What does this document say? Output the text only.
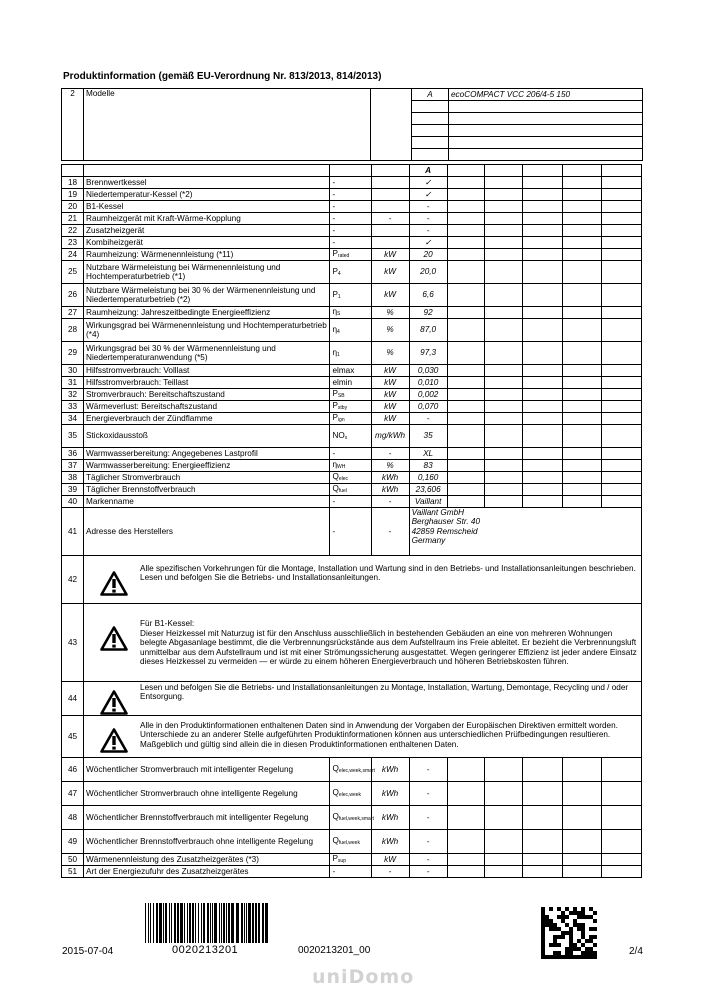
Produktinformation (gemäß EU-Verordnung Nr. 813/2013, 814/2013)
2	Modelle		A	ecoCOMPACT VCC 206/4-5 150

				A					
18	Brennwertkessel	-		✓					
19	Niedertemperatur-Kessel (*2)	-		✓					
20	B1-Kessel	-		-					
21	Raumheizgerät mit Kraft-Wärme-Kopplung	-	-	-					
22	Zusatzheizgerät	-		-					
23	Kombiheizgerät	-		✓					
24	Raumheizung: Wärmenennleistung (*11)	$P_{rated}$	kW	20					
25	Nutzbare Wärmeleistung bei Wärmenennleistung und Hochtemperaturbetrieb (*1)	$P_4$	kW	20,0					
26	Nutzbare Wärmeleistung bei 30 % der Wärmenennleistung und Niedertemperaturbetrieb (*2)	$P_1$	kW	6,6					
27	Raumheizung: Jahreszeitbedingte Energieeffizienz	$\eta_S$	%	92					
28	Wirkungsgrad bei Wärmenennleistung und Hochtemperaturbetrieb (*4)	$\eta_4$	%	87,0					
29	Wirkungsgrad bei 30 % der Wärmenennleistung und Niedertemperaturanwendung (*5)	$\eta_1$	%	97,3					
30	Hilfsstromverbrauch: Volllast	elmax	kW	0,030					
31	Hilfsstromverbrauch: Teillast	elmin	kW	0,010					
32	Stromverbrauch: Bereitschaftszustand	$P_{SB}$	kW	0,002					
33	Wärmeverlust: Bereitschaftszustand	$P_{stby}$	kW	0,070					
34	Energieverbrauch der Zündflamme	$P_{ign}$	kW	-					
35	Stickoxidausstoß	$NO_x$	mg/kWh	35					
36	Warmwasserbereitung: Angegebenes Lastprofil	-	-	XL					
37	Warmwasserbereitung: Energieeffizienz	$\eta_{WH}$	%	83					
38	Täglicher Stromverbrauch	$Q_{elec}$	kWh	0,160					
39	Täglicher Brennstoffverbrauch	$Q_{fuel}$	kWh	23,606					
40	Markenname	-	-	Vaillant					
41	Adresse des Herstellers	-	-	Vaillant GmbH
Berghauser Str. 40
42859 Remscheid
Germany					

42	Alle spezifischen Vorkehrungen für die Montage, Installation und Wartung sind in den Betriebs- und Installationsanleitungen beschrieben.
Lesen und befolgen Sie die Betriebs- und Installationsanleitungen.								

43	Für B1-Kessel:
Dieser Heizkessel mit Naturzug ist für den Anschluss ausschließlich in bestehenden Gebäuden an eine von mehreren Wohnungen belegte Abgasanlage bestimmt, die die Verbrennungsrückstände aus dem Aufstellraum ins Freie ableitet. Er bezieht die Verbrennungsluft unmittelbar aus dem Aufstellraum und ist mit einer Strömungssicherung ausgestattet. Wegen geringerer Effizienz ist jeder andere Einsatz dieses Heizkessel zu vermeiden — er würde zu einem höheren Energieverbrauch und höheren Betriebskosten führen.								

44	Lesen und befolgen Sie die Betriebs- und Installationsanleitungen zu Montage, Installation, Wartung, Demontage, Recycling und / oder Entsorgung.								

45	Alle in den Produktinformationen enthaltenen Daten sind in Anwendung der Vorgaben der Europäischen Direktiven ermittelt worden. Unterschiede zu an anderer Stelle aufgeführten Produktinformationen können aus unterschiedlichen Prüfbedingungen resultieren. Maßgeblich und gültig sind allein die in diesen Produktinformationen enthaltenen Daten.								

46	Wöchentlicher Stromverbrauch mit intelligenter Regelung	$Q_{elec,week,smart}$	kWh	-					
47	Wöchentlicher Stromverbrauch ohne intelligente Regelung	$Q_{elec,week}$	kWh	-					
48	Wöchentlicher Brennstoffverbrauch mit intelligenter Regelung	$Q_{fuel,week,smart}$	kWh	-					
49	Wöchentlicher Brennstoffverbrauch ohne intelligente Regelung	$Q_{fuel,week}$	kWh	-					
50	Wärmenennleistung des Zusatzheizgerätes (*3)	$P_{sup}$	kW	-					
51	Art der Energiezufuhr des Zusatzheizgerätes	-	-	-					
0020213201
2015-07-04	0020213201_00	2/4
uniDomo
